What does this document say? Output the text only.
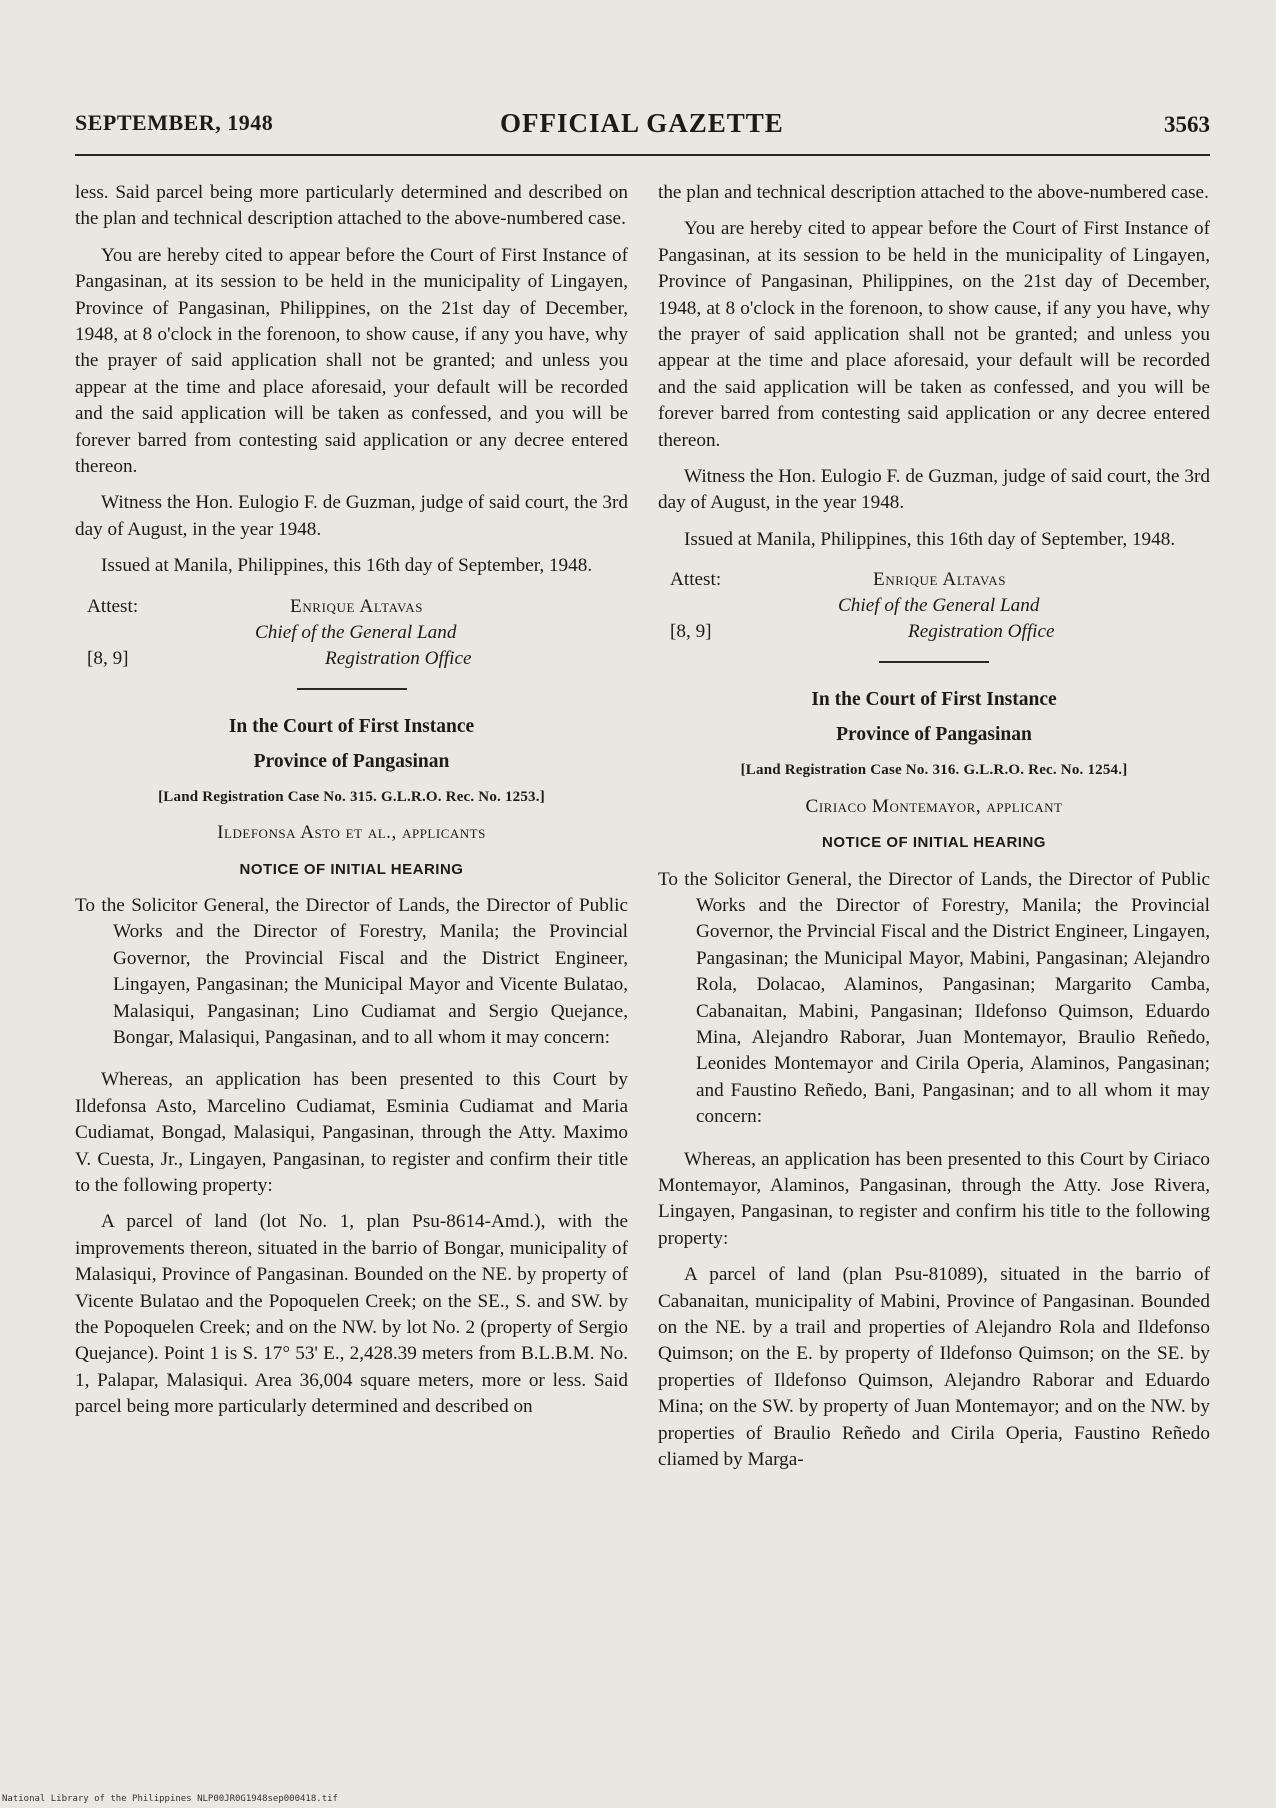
SEPTEMBER, 1948	OFFICIAL GAZETTE	3563

less. Said parcel being more particularly determined and described on the plan and technical description attached to the above-numbered case.

You are hereby cited to appear before the Court of First Instance of Pangasinan, at its session to be held in the municipality of Lingayen, Province of Pangasinan, Philippines, on the 21st day of December, 1948, at 8 o'clock in the forenoon, to show cause, if any you have, why the prayer of said application shall not be granted; and unless you appear at the time and place aforesaid, your default will be recorded and the said application will be taken as confessed, and you will be forever barred from contesting said application or any decree entered thereon.

Witness the Hon. Eulogio F. de Guzman, judge of said court, the 3rd day of August, in the year 1948.

Issued at Manila, Philippines, this 16th day of September, 1948.

Attest:	Enrique Altavas
Chief of the General Land
[8, 9]	Registration Office

In the Court of First Instance

Province of Pangasinan

[Land Registration Case No. 315. G.L.R.O. Rec. No. 1253.]

Ildefonsa Asto et al., applicants

NOTICE OF INITIAL HEARING

To the Solicitor General, the Director of Lands, the Director of Public Works and the Director of Forestry, Manila; the Provincial Governor, the Provincial Fiscal and the District Engineer, Lingayen, Pangasinan; the Municipal Mayor and Vicente Bulatao, Malasiqui, Pangasinan; Lino Cudiamat and Sergio Quejance, Bongar, Malasiqui, Pangasinan, and to all whom it may concern:

Whereas, an application has been presented to this Court by Ildefonsa Asto, Marcelino Cudiamat, Esminia Cudiamat and Maria Cudiamat, Bongad, Malasiqui, Pangasinan, through the Atty. Maximo V. Cuesta, Jr., Lingayen, Pangasinan, to register and confirm their title to the following property:

A parcel of land (lot No. 1, plan Psu-8614-Amd.), with the improvements thereon, situated in the barrio of Bongar, municipality of Malasiqui, Province of Pangasinan. Bounded on the NE. by property of Vicente Bulatao and the Popoquelen Creek; on the SE., S. and SW. by the Popoquelen Creek; and on the NW. by lot No. 2 (property of Sergio Quejance). Point 1 is S. 17° 53' E., 2,428.39 meters from B.L.B.M. No. 1, Palapar, Malasiqui. Area 36,004 square meters, more or less. Said parcel being more particularly determined and described on

the plan and technical description attached to the above-numbered case.

You are hereby cited to appear before the Court of First Instance of Pangasinan, at its session to be held in the municipality of Lingayen, Province of Pangasinan, Philippines, on the 21st day of December, 1948, at 8 o'clock in the forenoon, to show cause, if any you have, why the prayer of said application shall not be granted; and unless you appear at the time and place aforesaid, your default will be recorded and the said application will be taken as confessed, and you will be forever barred from contesting said application or any decree entered thereon.

Witness the Hon. Eulogio F. de Guzman, judge of said court, the 3rd day of August, in the year 1948.

Issued at Manila, Philippines, this 16th day of September, 1948.

Attest:	Enrique Altavas
Chief of the General Land
[8, 9]	Registration Office

In the Court of First Instance

Province of Pangasinan

[Land Registration Case No. 316. G.L.R.O. Rec. No. 1254.]

Ciriaco Montemayor, applicant

NOTICE OF INITIAL HEARING

To the Solicitor General, the Director of Lands, the Director of Public Works and the Director of Forestry, Manila; the Provincial Governor, the Prvincial Fiscal and the District Engineer, Lingayen, Pangasinan; the Municipal Mayor, Mabini, Pangasinan; Alejandro Rola, Dolacao, Alaminos, Pangasinan; Margarito Camba, Cabanaitan, Mabini, Pangasinan; Ildefonso Quimson, Eduardo Mina, Alejandro Raborar, Juan Montemayor, Braulio Reñedo, Leonides Montemayor and Cirila Operia, Alaminos, Pangasinan; and Faustino Reñedo, Bani, Pangasinan; and to all whom it may concern:

Whereas, an application has been presented to this Court by Ciriaco Montemayor, Alaminos, Pangasinan, through the Atty. Jose Rivera, Lingayen, Pangasinan, to register and confirm his title to the following property:

A parcel of land (plan Psu-81089), situated in the barrio of Cabanaitan, municipality of Mabini, Province of Pangasinan. Bounded on the NE. by a trail and properties of Alejandro Rola and Ildefonso Quimson; on the E. by property of Ildefonso Quimson; on the SE. by properties of Ildefonso Quimson, Alejandro Raborar and Eduardo Mina; on the SW. by property of Juan Montemayor; and on the NW. by properties of Braulio Reñedo and Cirila Operia, Faustino Reñedo cliamed by Marga-

National Library of the Philippines NLP00JR0G1948sep000418.tif
